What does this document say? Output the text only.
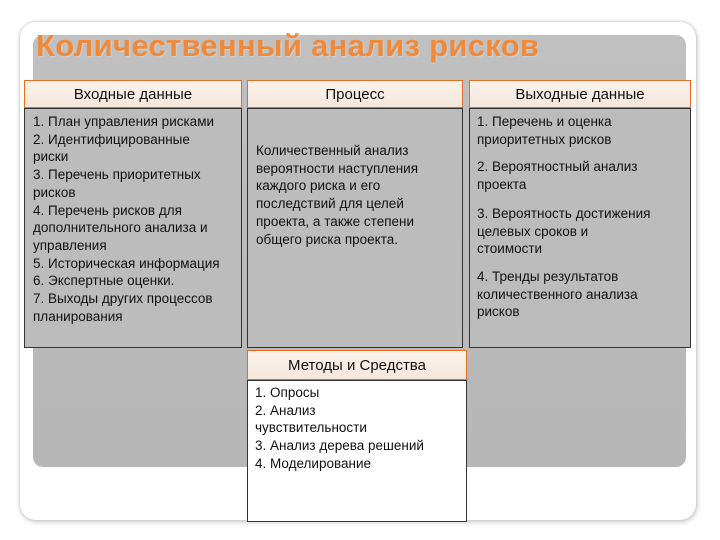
Количественный анализ рисков
Входные данные
1. План управления рисками
2. Идентифицированные
риски
3. Перечень приоритетных
рисков
4. Перечень рисков для
дополнительного анализа и
управления
5. Историческая информация
6. Экспертные оценки.
7. Выходы других процессов
планирования
Процесс
Количественный анализ
вероятности наступления
каждого риска и его
последствий для целей
проекта, а также степени
общего риска проекта.
Выходные данные
1. Перечень и оценка
приоритетных рисков
2. Вероятностный анализ
проекта
3. Вероятность достижения
целевых сроков и
стоимости
4. Тренды результатов
количественного анализа
рисков
Методы и Средства
1. Опросы
2. Анализ
чувствительности
3. Анализ дерева решений
4. Моделирование
